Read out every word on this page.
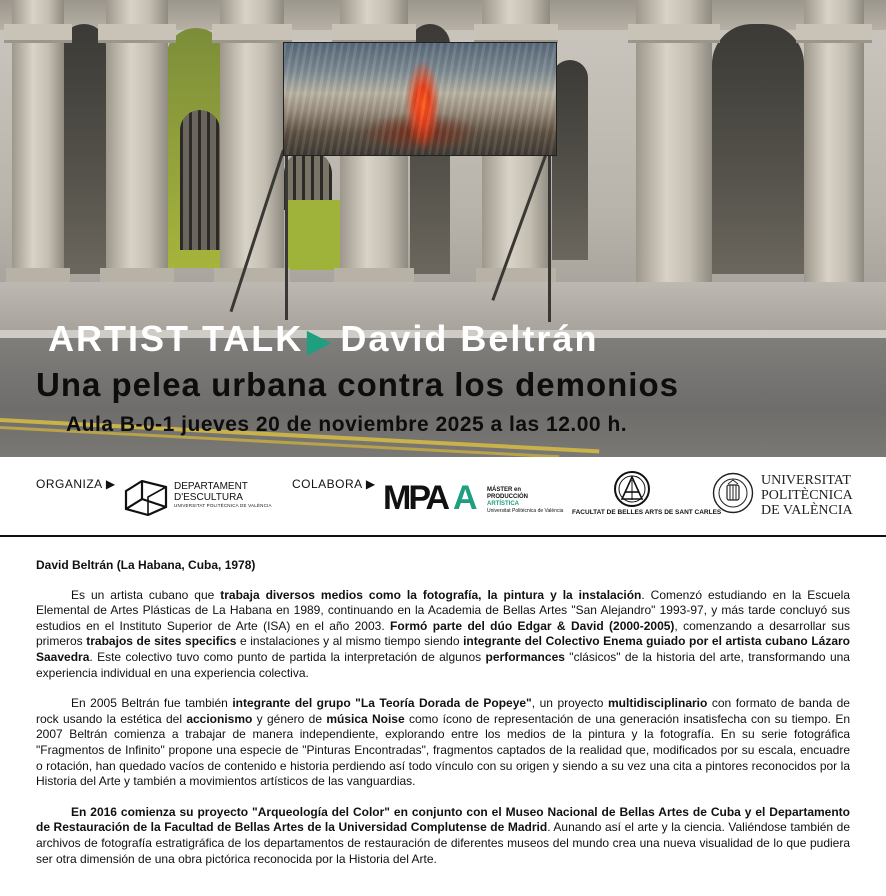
ARTIST TALK ▶ David Beltrán
Una pelea urbana contra los demonios
Aula B-0-1 jueves 20 de noviembre 2025 a las 12.00 h.
ORGANIZA ▶	DEPARTAMENT
D'ESCULTURA
UNIVERSITAT POLITÈCNICA DE VALÈNCIA
COLABORA ▶ MPA A MÁSTER en
PRODUCCIÓN
ARTÍSTICA
Universitat Politècnica de València FACULTAT DE BELLES ARTS DE SANT CARLES
UNIVERSITAT
POLITÈCNICA
DE VALÈNCIA
David Beltrán (La Habana, Cuba, 1978)

Es un artista cubano que trabaja diversos medios como la fotografía, la pintura y la instalación. Comenzó estudiando en la Escuela Elemental de Artes Plásticas de La Habana en 1989, continuando en la Academia de Bellas Artes "San Alejandro" 1993-97, y más tarde concluyó sus estudios en el Instituto Superior de Arte (ISA) en el año 2003. Formó parte del dúo Edgar & David (2000-2005), comenzando a desarrollar sus primeros trabajos de sites specifics e instalaciones y al mismo tiempo siendo integrante del Colectivo Enema guiado por el artista cubano Lázaro Saavedra. Este colectivo tuvo como punto de partida la interpretación de algunos performances "clásicos" de la historia del arte, transformando una experiencia individual en una experiencia colectiva.

En 2005 Beltrán fue también integrante del grupo "La Teoría Dorada de Popeye", un proyecto multidisciplinario con formato de banda de rock usando la estética del accionismo y género de música Noise como ícono de representación de una generación insatisfecha con su tiempo. En 2007 Beltrán comienza a trabajar de manera independiente, explorando entre los medios de la pintura y la fotografía. En su serie fotográfica "Fragmentos de Infinito" propone una especie de "Pinturas Encontradas", fragmentos captados de la realidad que, modificados por su escala, encuadre o rotación, han quedado vacíos de contenido e historia perdiendo así todo vínculo con su origen y siendo a su vez una cita a pintores reconocidos por la Historia del Arte y también a movimientos artísticos de las vanguardias.

En 2016 comienza su proyecto "Arqueología del Color" en conjunto con el Museo Nacional de Bellas Artes de Cuba y el Departamento de Restauración de la Facultad de Bellas Artes de la Universidad Complutense de Madrid. Aunando así el arte y la ciencia. Valiéndose también de archivos de fotografía estratigráfica de los departamentos de restauración de diferentes museos del mundo crea una nueva visualidad de lo que pudiera ser otra dimensión de una obra pictórica reconocida por la Historia del Arte.
